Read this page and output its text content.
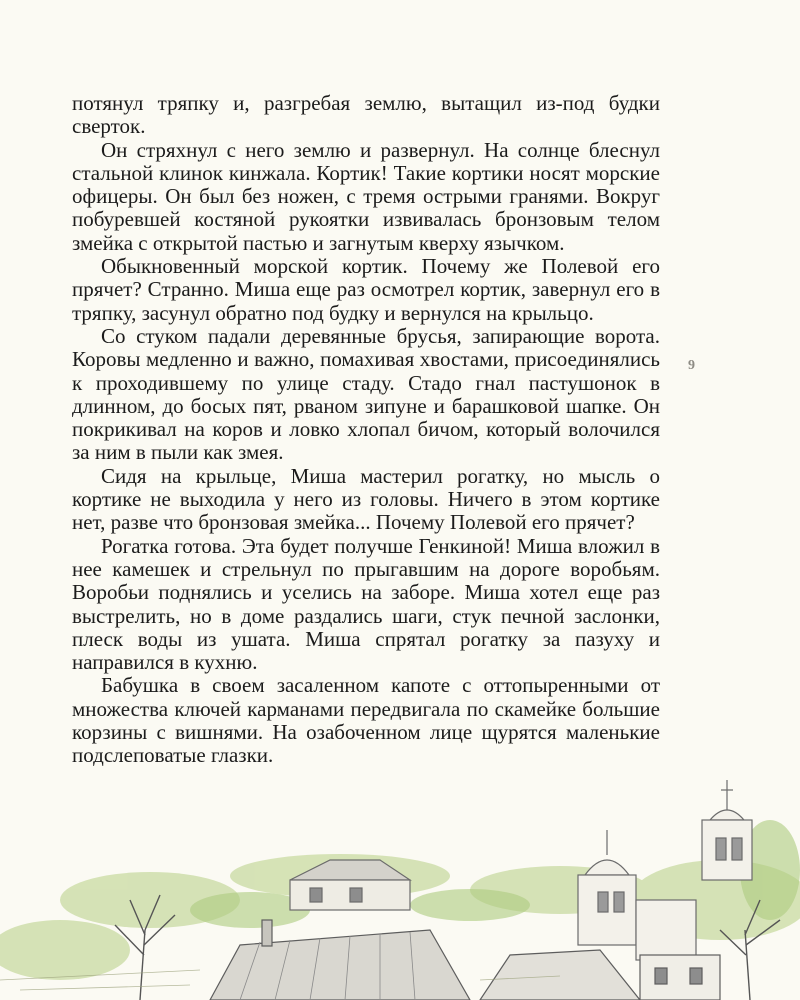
потянул тряпку и, разгребая землю, вытащил из-под будки сверток.

Он стряхнул с него землю и развернул. На солнце блеснул стальной клинок кинжала. Кортик! Такие кортики носят морские офицеры. Он был без ножен, с тремя острыми гранями. Вокруг побуревшей костяной рукоятки извивалась бронзовым телом змейка с открытой пастью и загнутым кверху язычком.

Обыкновенный морской кортик. Почему же Полевой его прячет? Странно. Миша еще раз осмотрел кортик, завернул его в тряпку, засунул обратно под будку и вернулся на крыльцо.

Со стуком падали деревянные брусья, запирающие ворота. Коровы медленно и важно, помахивая хвостами, присоединялись к проходившему по улице стаду. Стадо гнал пастушонок в длинном, до босых пят, рваном зипуне и барашковой шапке. Он покрикивал на коров и ловко хлопал бичом, который волочился за ним в пыли как змея.

Сидя на крыльце, Миша мастерил рогатку, но мысль о кортике не выходила у него из головы. Ничего в этом кортике нет, разве что бронзовая змейка... Почему Полевой его прячет?

Рогатка готова. Эта будет получше Генкиной! Миша вложил в нее камешек и стрельнул по прыгавшим на дороге воробьям. Воробьи поднялись и уселись на заборе. Миша хотел еще раз выстрелить, но в доме раздались шаги, стук печной заслонки, плеск воды из ушата. Миша спрятал рогатку за пазуху и направился в кухню.

Бабушка в своем засаленном капоте с оттопыренными от множества ключей карманами передвигала по скамейке большие корзины с вишнями. На озабоченном лице щурятся маленькие подслеповатые глазки.

9
